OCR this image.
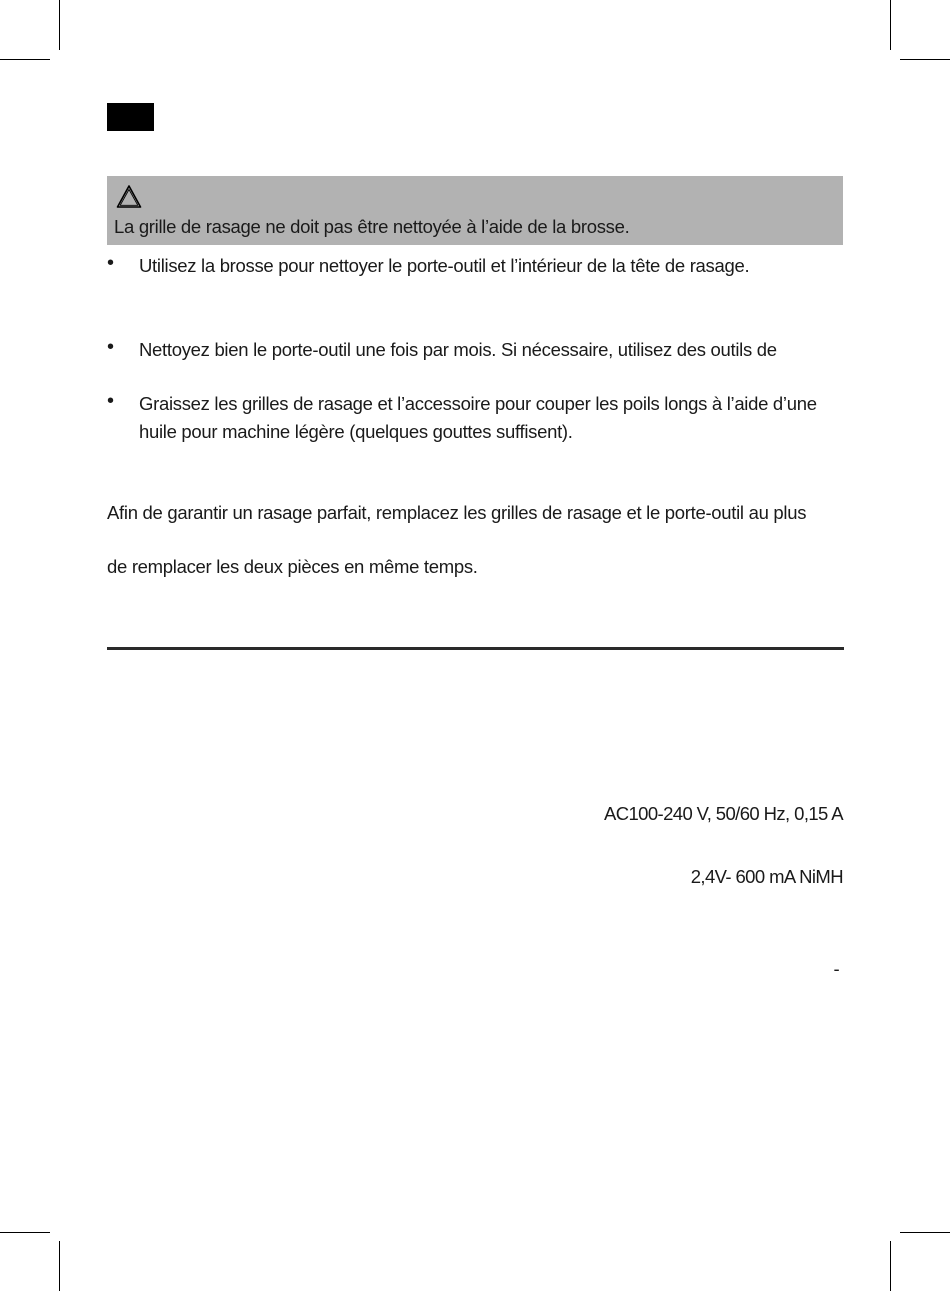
La grille de rasage ne doit pas être nettoyée à l’aide de la brosse.
• Utilisez la brosse pour nettoyer le porte-outil et l’intérieur de la tête de rasage.
• Nettoyez bien le porte-outil une fois par mois. Si nécessaire, utilisez des outils de
• Graissez les grilles de rasage et l’accessoire pour couper les poils longs à l’aide d’une
huile pour machine légère (quelques gouttes suffisent).
Afin de garantir un rasage parfait, remplacez les grilles de rasage et le porte-outil au plus
de remplacer les deux pièces en même temps.
AC100-240 V, 50/60 Hz, 0,15 A
2,4V- 600 mA NiMH
-
